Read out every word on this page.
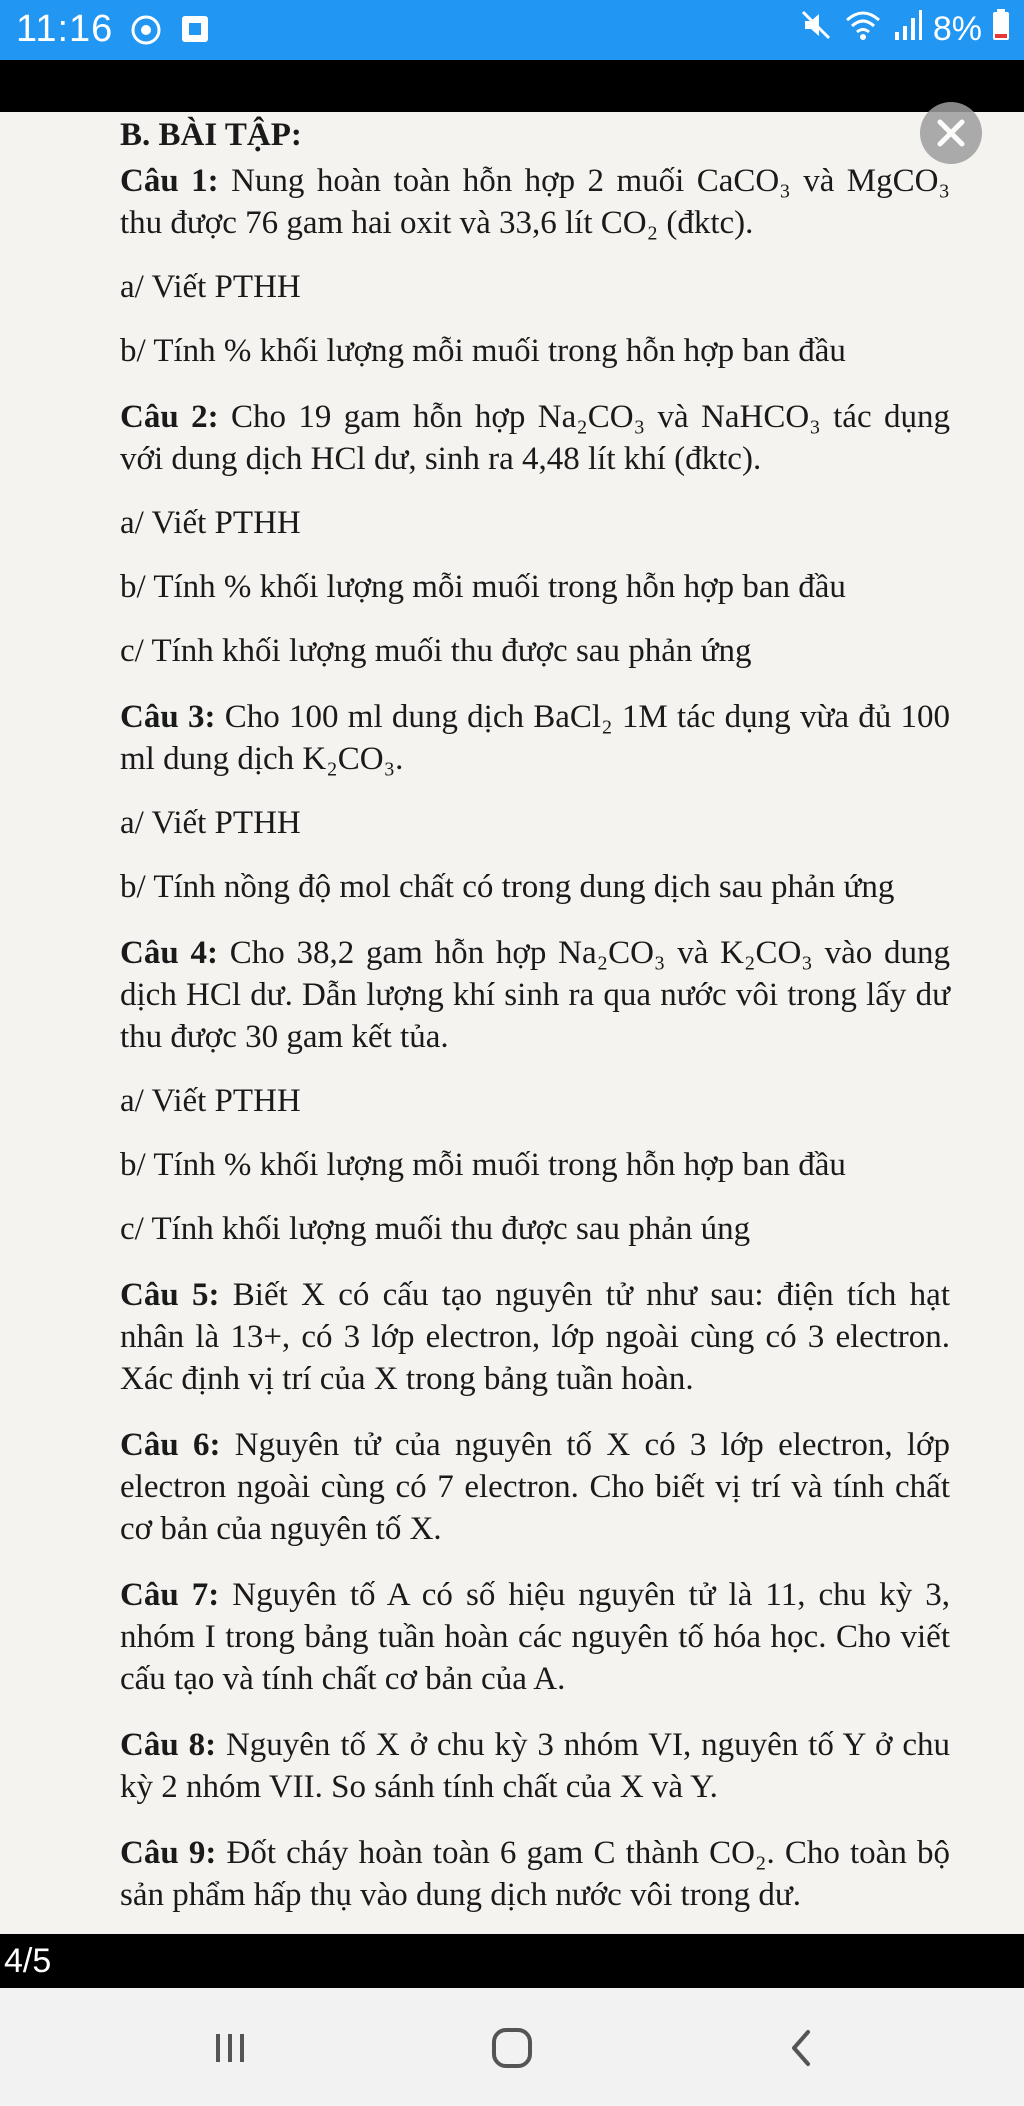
11:16	8%
B. BÀI TẬP:

Câu 1: Nung hoàn toàn hỗn hợp 2 muối CaCO₃ và MgCO₃ thu được 76 gam hai oxit và 33,6 lít CO₂ (đktc).

a/ Viết PTHH

b/ Tính % khối lượng mỗi muối trong hỗn hợp ban đầu

Câu 2: Cho 19 gam hỗn hợp Na₂CO₃ và NaHCO₃ tác dụng với dung dịch HCl dư, sinh ra 4,48 lít khí (đktc).

a/ Viết PTHH

b/ Tính % khối lượng mỗi muối trong hỗn hợp ban đầu

c/ Tính khối lượng muối thu được sau phản ứng

Câu 3: Cho 100 ml dung dịch BaCl₂ 1M tác dụng vừa đủ 100 ml dung dịch K₂CO₃.

a/ Viết PTHH

b/ Tính nồng độ mol chất có trong dung dịch sau phản ứng

Câu 4: Cho 38,2 gam hỗn hợp Na₂CO₃ và K₂CO₃ vào dung dịch HCl dư. Dẫn lượng khí sinh ra qua nước vôi trong lấy dư thu được 30 gam kết tủa.

a/ Viết PTHH

b/ Tính % khối lượng mỗi muối trong hỗn hợp ban đầu

c/ Tính khối lượng muối thu được sau phản úng

Câu 5: Biết X có cấu tạo nguyên tử như sau: điện tích hạt nhân là 13+, có 3 lớp electron, lớp ngoài cùng có 3 electron. Xác định vị trí của X trong bảng tuần hoàn.

Câu 6: Nguyên tử của nguyên tố X có 3 lớp electron, lớp electron ngoài cùng có 7 electron. Cho biết vị trí và tính chất cơ bản của nguyên tố X.

Câu 7: Nguyên tố A có số hiệu nguyên tử là 11, chu kỳ 3, nhóm I trong bảng tuần hoàn các nguyên tố hóa học. Cho viết cấu tạo và tính chất cơ bản của A.

Câu 8: Nguyên tố X ở chu kỳ 3 nhóm VI, nguyên tố Y ở chu kỳ 2 nhóm VII. So sánh tính chất của X và Y.

Câu 9: Đốt cháy hoàn toàn 6 gam C thành CO₂. Cho toàn bộ sản phẩm hấp thụ vào dung dịch nước vôi trong dư.

4/5
